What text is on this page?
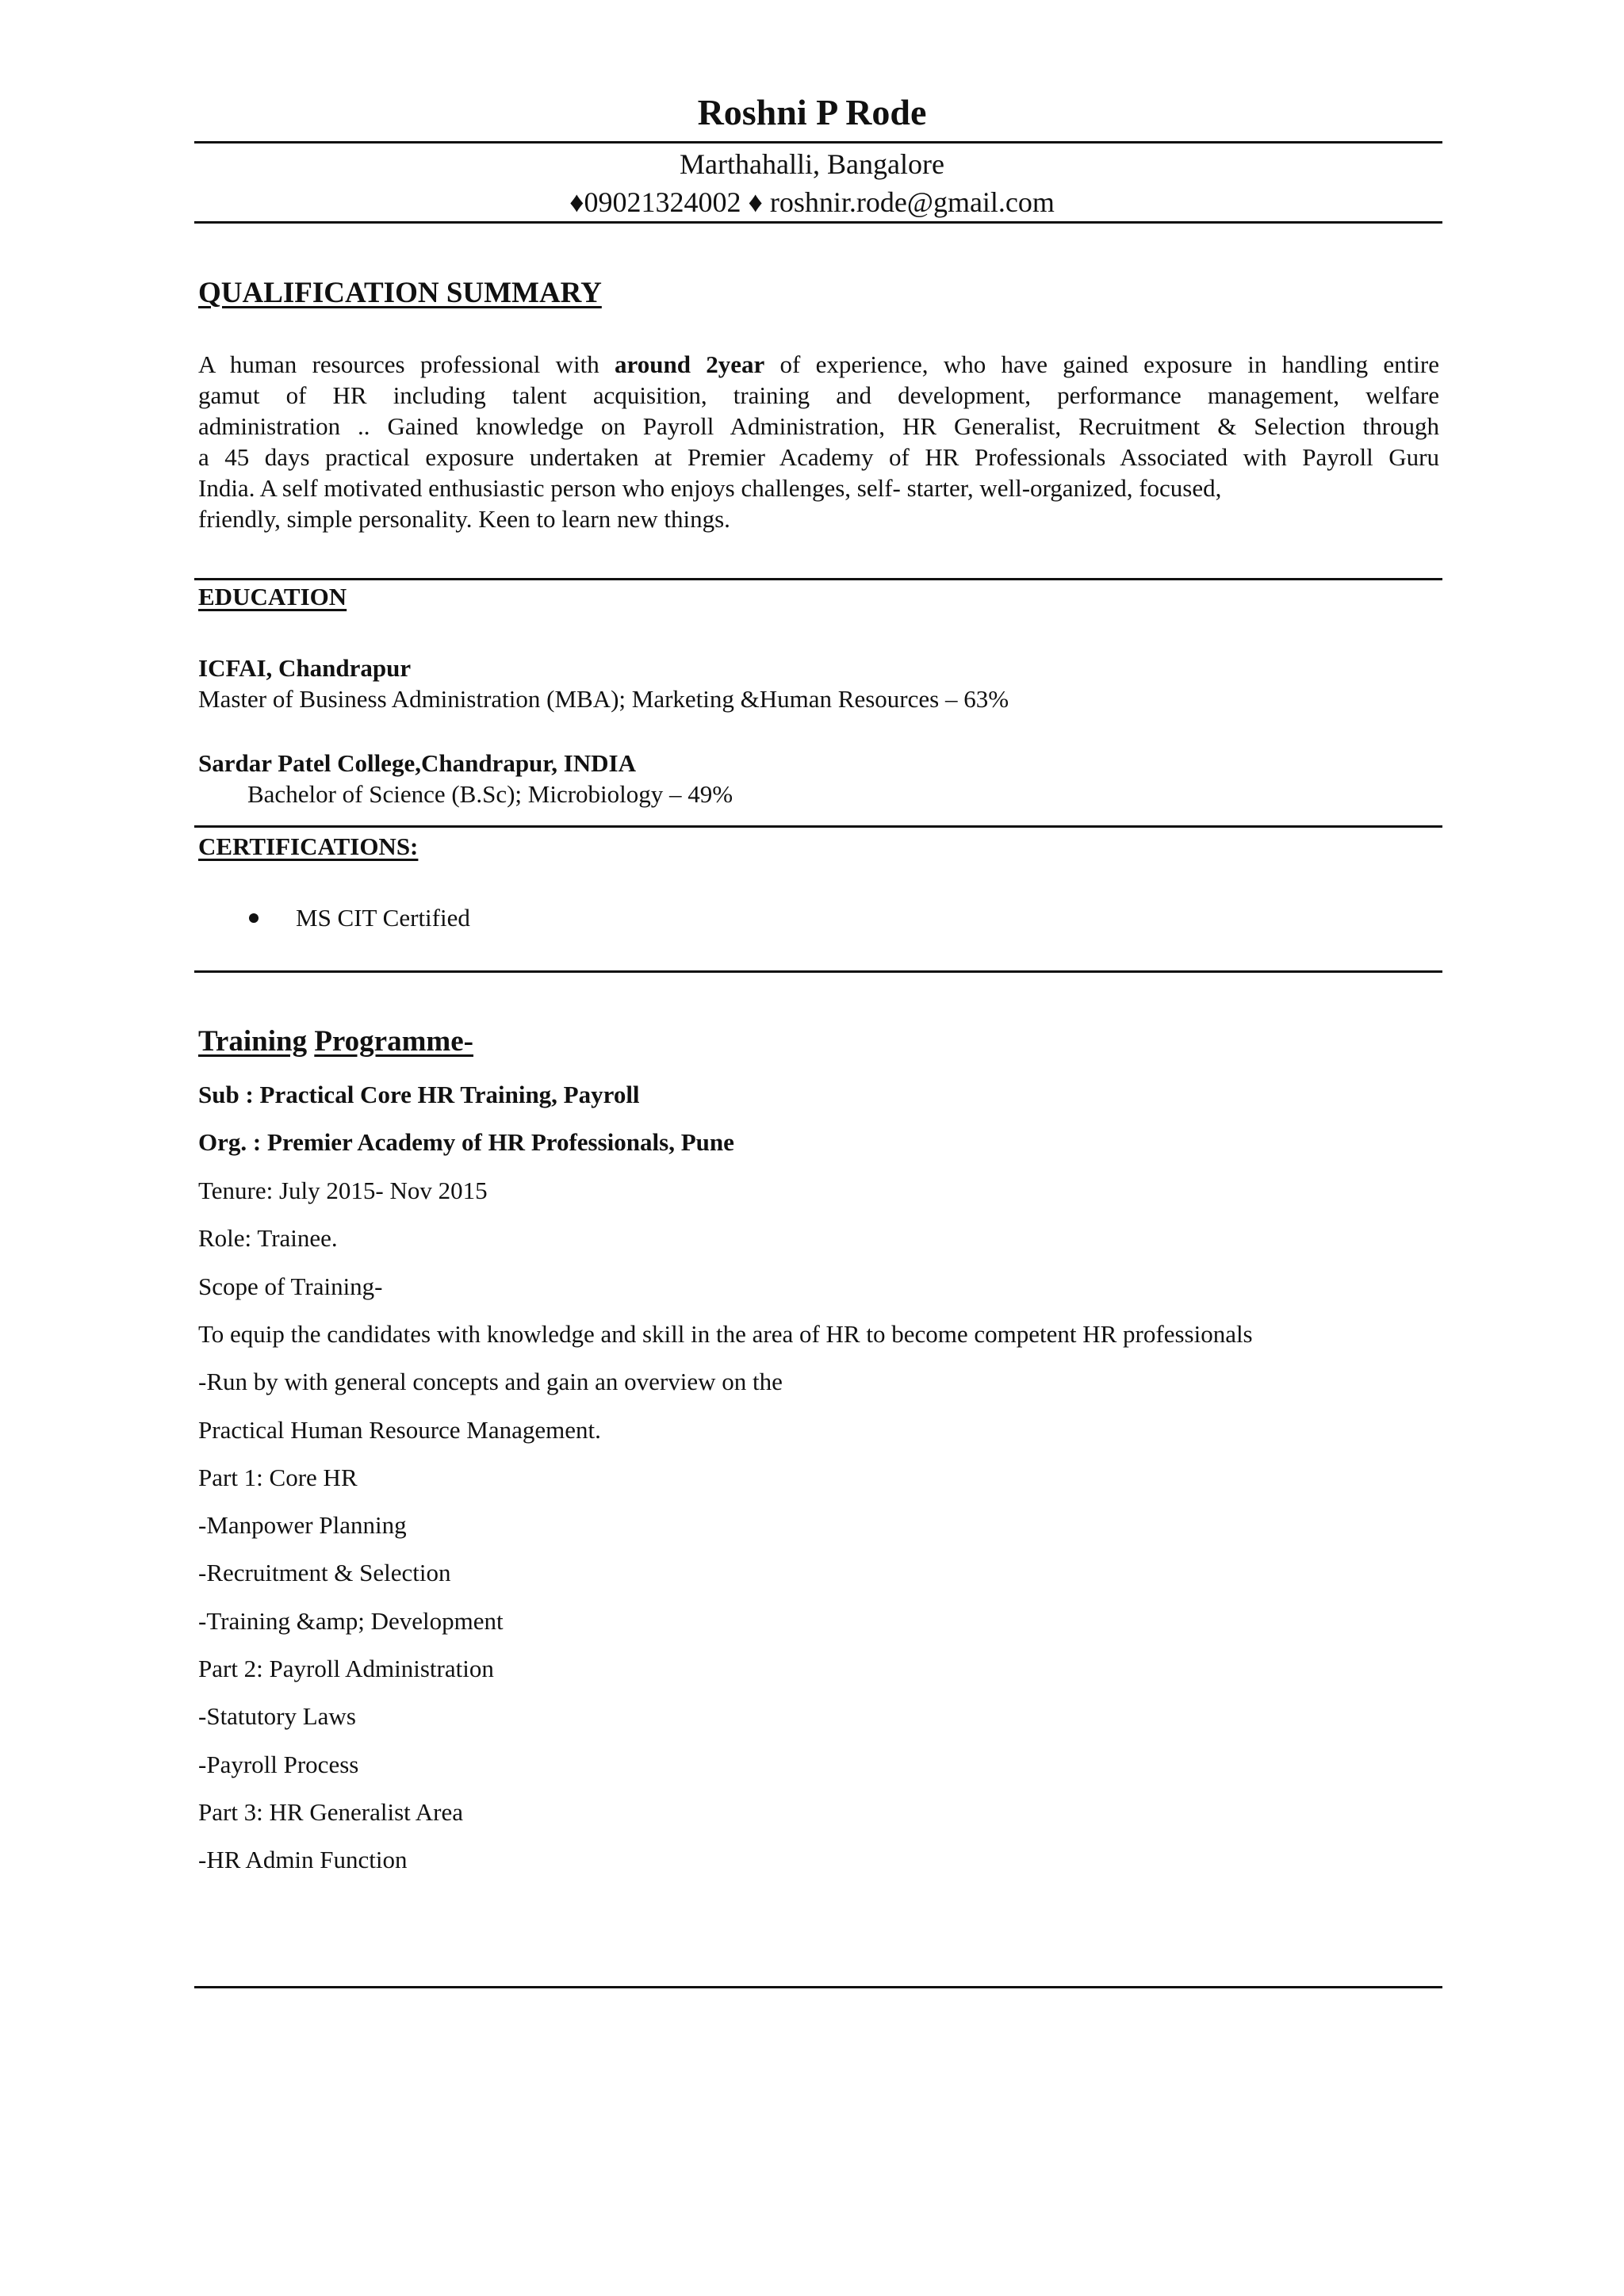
Roshni P Rode
Marthahalli, Bangalore
♦09021324002 ♦ roshnir.rode@gmail.com
QUALIFICATION SUMMARY
A human resources professional with around 2year of experience, who have gained exposure in handling entire
gamut of HR including talent acquisition, training and development, performance management, welfare
administration .. Gained knowledge on Payroll Administration, HR Generalist, Recruitment & Selection through
a 45 days practical exposure undertaken at Premier Academy of HR Professionals Associated with Payroll Guru
India. A self motivated enthusiastic person who enjoys challenges, self- starter, well-organized, focused,
friendly, simple personality. Keen to learn new things.
EDUCATION
ICFAI, Chandrapur
Master of Business Administration (MBA); Marketing &Human Resources – 63%
Sardar Patel College,Chandrapur, INDIA
Bachelor of Science (B.Sc); Microbiology – 49%
CERTIFICATIONS:
MS CIT Certified
Training Programme-
Sub : Practical Core HR Training, Payroll
Org. : Premier Academy of HR Professionals, Pune
Tenure: July 2015- Nov 2015
Role: Trainee.
Scope of Training-
To equip the candidates with knowledge and skill in the area of HR to become competent HR professionals
-Run by with general concepts and gain an overview on the
Practical Human Resource Management.
Part 1: Core HR
-Manpower Planning
-Recruitment & Selection
-Training &amp; Development
Part 2: Payroll Administration
-Statutory Laws
-Payroll Process
Part 3: HR Generalist Area
-HR Admin Function
